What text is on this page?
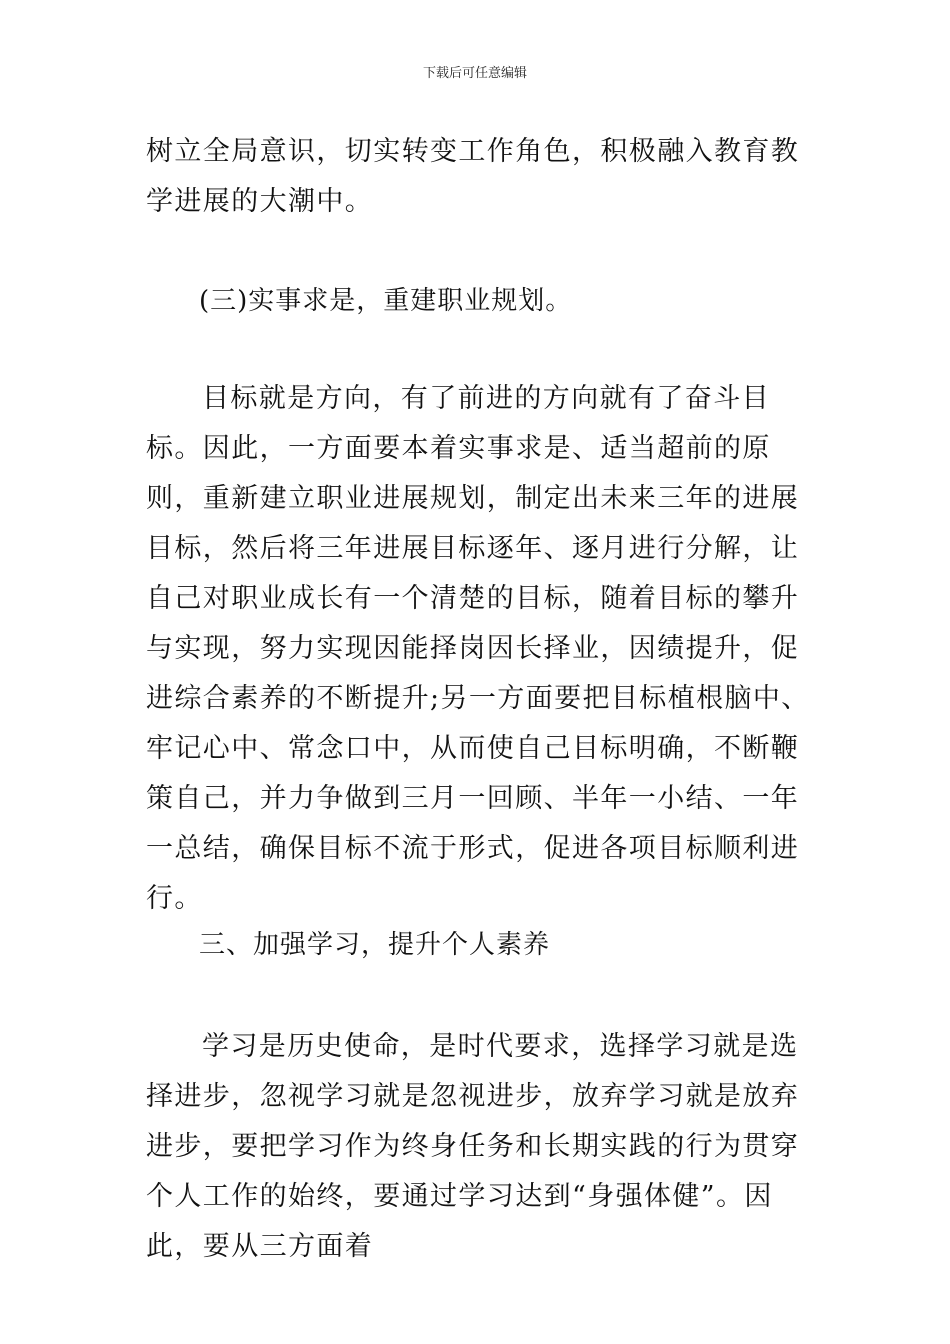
下载后可任意编辑

树立全局意识，切实转变工作角色，积极融入教育教学进展的大潮中。

(三)实事求是，重建职业规划。

目标就是方向，有了前进的方向就有了奋斗目标。因此，一方面要本着实事求是、适当超前的原则，重新建立职业进展规划，制定出未来三年的进展目标，然后将三年进展目标逐年、逐月进行分解，让自己对职业成长有一个清楚的目标，随着目标的攀升与实现，努力实现因能择岗因长择业，因绩提升，促进综合素养的不断提升;另一方面要把目标植根脑中、牢记心中、常念口中，从而使自己目标明确，不断鞭策自己，并力争做到三月一回顾、半年一小结、一年一总结，确保目标不流于形式，促进各项目标顺利进行。

三、加强学习，提升个人素养

学习是历史使命，是时代要求，选择学习就是选择进步，忽视学习就是忽视进步，放弃学习就是放弃进步，要把学习作为终身任务和长期实践的行为贯穿个人工作的始终，要通过学习达到“身强体健”。因此，要从三方面着
